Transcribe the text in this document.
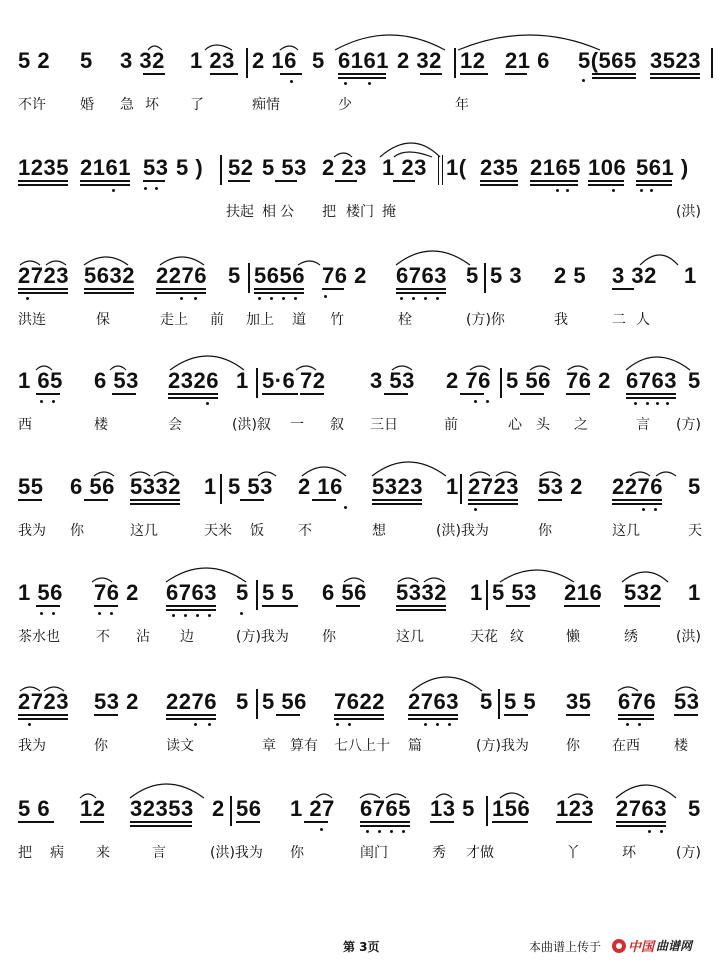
5 2 5 3 32 1 23 2 16 5 6161 2 32 12 21 6 5(565 3523
不许 婚 急 坏 了	痴情	少	年
1235 2161 53 5 ) 52 5 53 2 23 1 23 1( 235 2165 106 561 )
扶起 相 公 把 楼门 掩	(洪)
2723 5632 2276 5 5656 76 2 6763 5 5 3 2 5 3 32 1
洪连	保	走上 前 加上 道 竹	栓	(方)你	我	二 人
1 65 6 53 2326 1 5·6 72 3 53 2 76 5 56 76 2 6763 5
西	楼	会	(洪)叙 一 叙 三日	前	心 头 之	言 (方)
55 6 56 5332 1 5 53 2 16 5323 1 2723 53 2 2276 5
我为 你	这几	天米 饭 不	想	(洪)我为	你	这几	天
1 56 76 2 6763 5 5 5 6 56 5332 1 5 53 216 532 1
茶水也	不 沾 边	(方)我为 你	这几	天花 纹	懒	绣	(洪)
2723 53 2 2276 5 5 56 7622 2763 5 5 5 35 676 53
我为	你	读文	章 算有 七八上十 篇	(方)我为	你 在西 楼
5 6 12 32353 2 56 1 27 6765 13 5 156 123 2763 5
把 病 来	言	(洪)我为 你	闺门	秀 才做	丫	环	(方)
第 3页	本曲谱上传于 中国 曲谱网
